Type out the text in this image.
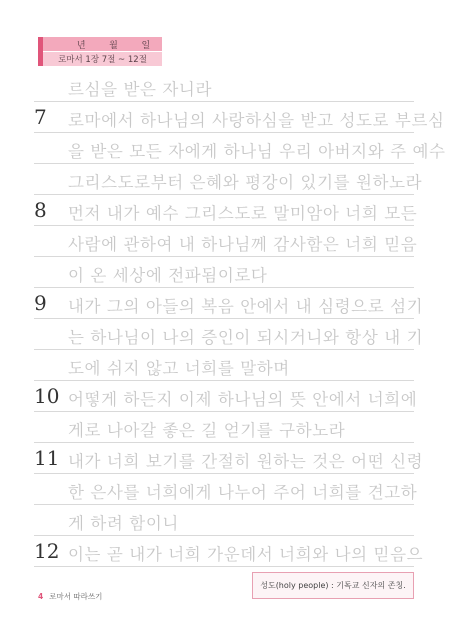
년	월	일
로마서 1장 7절 ~ 12절
르심을 받은 자니라
7	로마에서 하나님의 사랑하심을 받고 성도로 부르심
을 받은 모든 자에게 하나님 우리 아버지와 주 예수
그리스도로부터 은혜와 평강이 있기를 원하노라
8	먼저 내가 예수 그리스도로 말미암아 너희 모든
사람에 관하여 내 하나님께 감사함은 너희 믿음
이 온 세상에 전파됨이로다
9	내가 그의 아들의 복음 안에서 내 심령으로 섬기
는 하나님이 나의 증인이 되시거니와 항상 내 기
도에 쉬지 않고 너희를 말하며
10 어떻게 하든지 이제 하나님의 뜻 안에서 너희에
게로 나아갈 좋은 길 얻기를 구하노라
11 내가 너희 보기를 간절히 원하는 것은 어떤 신령
한 은사를 너희에게 나누어 주어 너희를 견고하
게 하려 함이니
12 이는 곧 내가 너희 가운데서 너희와 나의 믿음으
성도(holy people) : 기독교 신자의 존칭.
4 로마서 따라쓰기
